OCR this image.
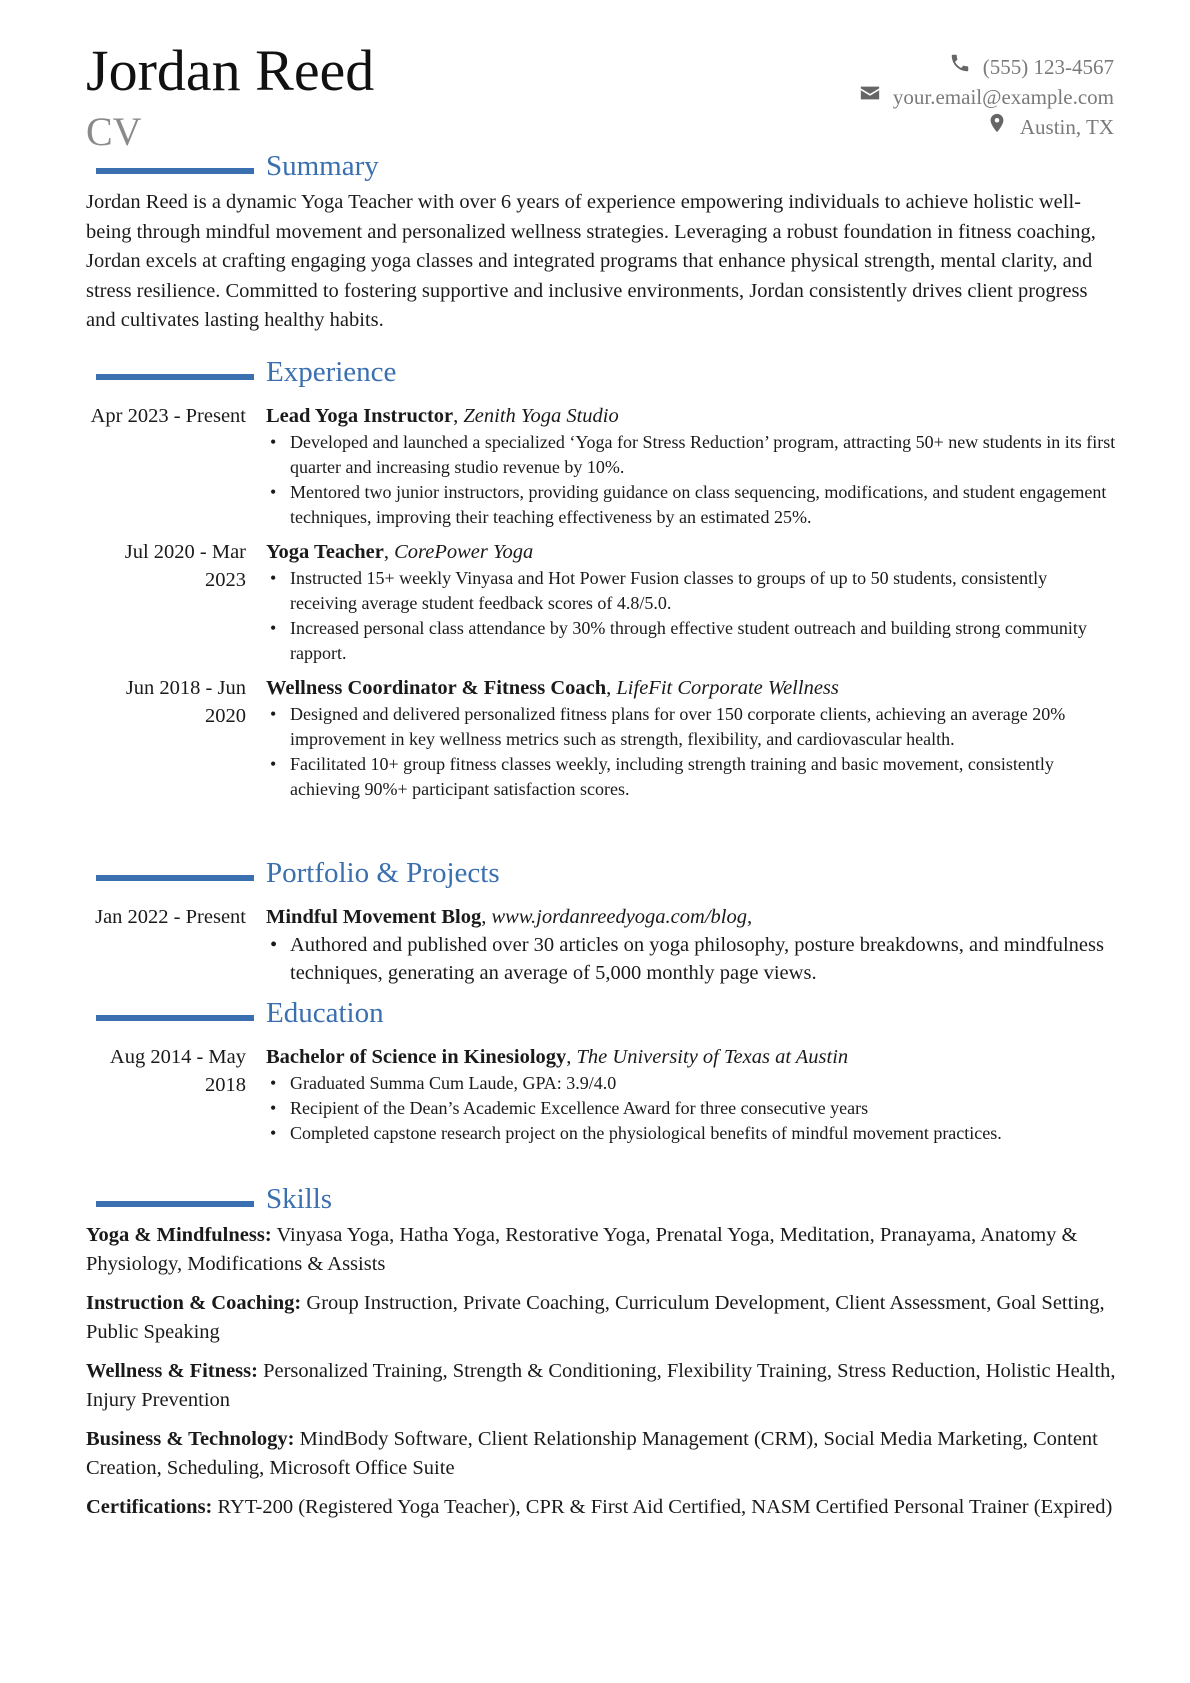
Jordan Reed
CV
(555) 123-4567
your.email@example.com
Austin, TX
Summary

Jordan Reed is a dynamic Yoga Teacher with over 6 years of experience empowering individuals to achieve holistic well-being through mindful movement and personalized wellness strategies. Leveraging a robust foundation in fitness coaching, Jordan excels at crafting engaging yoga classes and integrated programs that enhance physical strength, mental clarity, and stress resilience. Committed to fostering supportive and inclusive environments, Jordan consistently drives client progress and cultivates lasting healthy habits.

Experience
Apr 2023 - Present Lead Yoga Instructor, Zenith Yoga Studio
• Developed and launched a specialized ‘Yoga for Stress Reduction’ program, attracting 50+ new students in its first quarter and increasing studio revenue by 10%.
• Mentored two junior instructors, providing guidance on class sequencing, modifications, and student engagement techniques, improving their teaching effectiveness by an estimated 25%.
Jul 2020 - Mar 2023
Yoga Teacher, CorePower Yoga
• Instructed 15+ weekly Vinyasa and Hot Power Fusion classes to groups of up to 50 students, consistently receiving average student feedback scores of 4.8/5.0.
• Increased personal class attendance by 30% through effective student outreach and building strong community rapport.
Jun 2018 - Jun 2020
Wellness Coordinator & Fitness Coach, LifeFit Corporate Wellness
• Designed and delivered personalized fitness plans for over 150 corporate clients, achieving an average 20% improvement in key wellness metrics such as strength, flexibility, and cardiovascular health.
• Facilitated 10+ group fitness classes weekly, including strength training and basic movement, consistently achieving 90%+ participant satisfaction scores.
Portfolio & Projects
Jan 2022 - Present Mindful Movement Blog, www.jordanreedyoga.com/blog,
• Authored and published over 30 articles on yoga philosophy, posture breakdowns, and mindfulness techniques, generating an average of 5,000 monthly page views.
Education
Aug 2014 - May 2018
Bachelor of Science in Kinesiology, The University of Texas at Austin
• Graduated Summa Cum Laude, GPA: 3.9/4.0
• Recipient of the Dean’s Academic Excellence Award for three consecutive years
• Completed capstone research project on the physiological benefits of mindful movement practices.
Skills

Yoga & Mindfulness: Vinyasa Yoga, Hatha Yoga, Restorative Yoga, Prenatal Yoga, Meditation, Pranayama, Anatomy & Physiology, Modifications & Assists

Instruction & Coaching: Group Instruction, Private Coaching, Curriculum Development, Client Assessment, Goal Setting, Public Speaking

Wellness & Fitness: Personalized Training, Strength & Conditioning, Flexibility Training, Stress Reduction, Holistic Health, Injury Prevention

Business & Technology: MindBody Software, Client Relationship Management (CRM), Social Media Marketing, Content Creation, Scheduling, Microsoft Office Suite

Certifications: RYT-200 (Registered Yoga Teacher), CPR & First Aid Certified, NASM Certified Personal Trainer (Expired)
